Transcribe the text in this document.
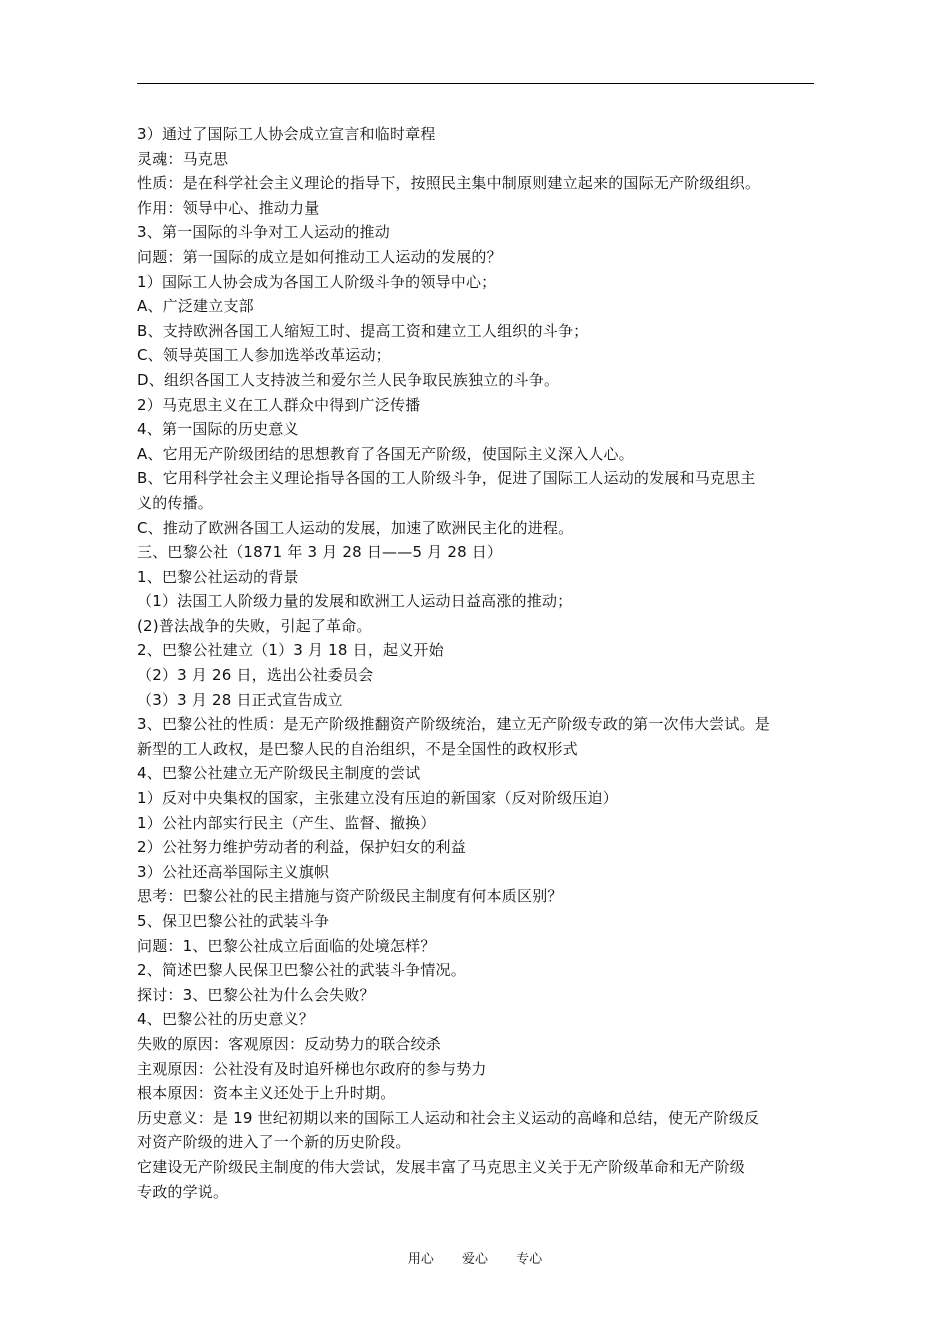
3）通过了国际工人协会成立宣言和临时章程
灵魂：马克思
性质：是在科学社会主义理论的指导下，按照民主集中制原则建立起来的国际无产阶级组织。
作用：领导中心、推动力量
3、第一国际的斗争对工人运动的推动
问题：第一国际的成立是如何推动工人运动的发展的？
1）国际工人协会成为各国工人阶级斗争的领导中心；
A、广泛建立支部
B、支持欧洲各国工人缩短工时、提高工资和建立工人组织的斗争；
C、领导英国工人参加选举改革运动；
D、组织各国工人支持波兰和爱尔兰人民争取民族独立的斗争。
2）马克思主义在工人群众中得到广泛传播
4、第一国际的历史意义
A、它用无产阶级团结的思想教育了各国无产阶级，使国际主义深入人心。
B、它用科学社会主义理论指导各国的工人阶级斗争，促进了国际工人运动的发展和马克思主
义的传播。
C、推动了欧洲各国工人运动的发展，加速了欧洲民主化的进程。
三、巴黎公社（1871 年 3 月 28 日——5 月 28 日）
1、巴黎公社运动的背景
（1）法国工人阶级力量的发展和欧洲工人运动日益高涨的推动；
(2)普法战争的失败，引起了革命。
2、巴黎公社建立（1）3 月 18 日，起义开始
（2）3 月 26 日，选出公社委员会
（3）3 月 28 日正式宣告成立
3、巴黎公社的性质：是无产阶级推翻资产阶级统治，建立无产阶级专政的第一次伟大尝试。是
新型的工人政权，是巴黎人民的自治组织，不是全国性的政权形式
4、巴黎公社建立无产阶级民主制度的尝试
1）反对中央集权的国家，主张建立没有压迫的新国家（反对阶级压迫）
1）公社内部实行民主（产生、监督、撤换）
2）公社努力维护劳动者的利益，保护妇女的利益
3）公社还高举国际主义旗帜
思考：巴黎公社的民主措施与资产阶级民主制度有何本质区别？
5、保卫巴黎公社的武装斗争
问题：1、巴黎公社成立后面临的处境怎样？
2、简述巴黎人民保卫巴黎公社的武装斗争情况。
探讨：3、巴黎公社为什么会失败？
4、巴黎公社的历史意义？
失败的原因：客观原因：反动势力的联合绞杀
主观原因：公社没有及时追歼梯也尔政府的参与势力
根本原因：资本主义还处于上升时期。
历史意义：是 19 世纪初期以来的国际工人运动和社会主义运动的高峰和总结，使无产阶级反
对资产阶级的进入了一个新的历史阶段。
它建设无产阶级民主制度的伟大尝试，发展丰富了马克思主义关于无产阶级革命和无产阶级
专政的学说。
用心 爱心 专心
